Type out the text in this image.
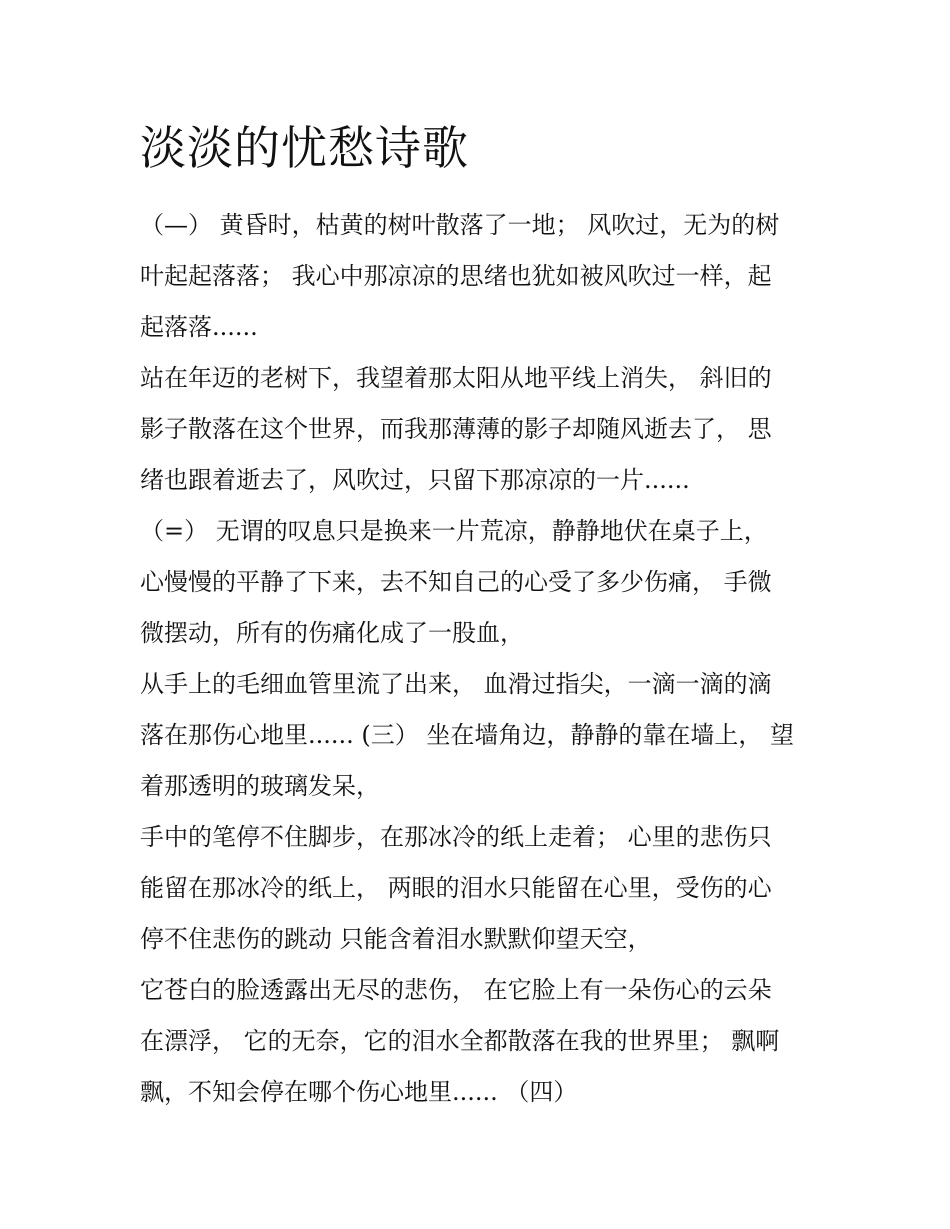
淡淡的忧愁诗歌
（—） 黄昏时，枯黄的树叶散落了一地； 风吹过，无为的树
叶起起落落； 我心中那凉凉的思绪也犹如被风吹过一样，起
起落落......
站在年迈的老树下，我望着那太阳从地平线上消失， 斜旧的
影子散落在这个世界，而我那薄薄的影子却随风逝去了， 思
绪也跟着逝去了，风吹过，只留下那凉凉的一片......
（=） 无谓的叹息只是换来一片荒凉，静静地伏在桌子上，
心慢慢的平静了下来，去不知自己的心受了多少伤痛， 手微
微摆动，所有的伤痛化成了一股血，
从手上的毛细血管里流了出来， 血滑过指尖，一滴一滴的滴
落在那伤心地里...... (三） 坐在墙角边，静静的靠在墙上， 望
着那透明的玻璃发呆，
手中的笔停不住脚步，在那冰冷的纸上走着； 心里的悲伤只
能留在那冰冷的纸上， 两眼的泪水只能留在心里，受伤的心
停不住悲伤的跳动 只能含着泪水默默仰望天空，
它苍白的脸透露出无尽的悲伤， 在它脸上有一朵伤心的云朵
在漂浮， 它的无奈，它的泪水全都散落在我的世界里； 飘啊
飘，不知会停在哪个伤心地里...... （四）
